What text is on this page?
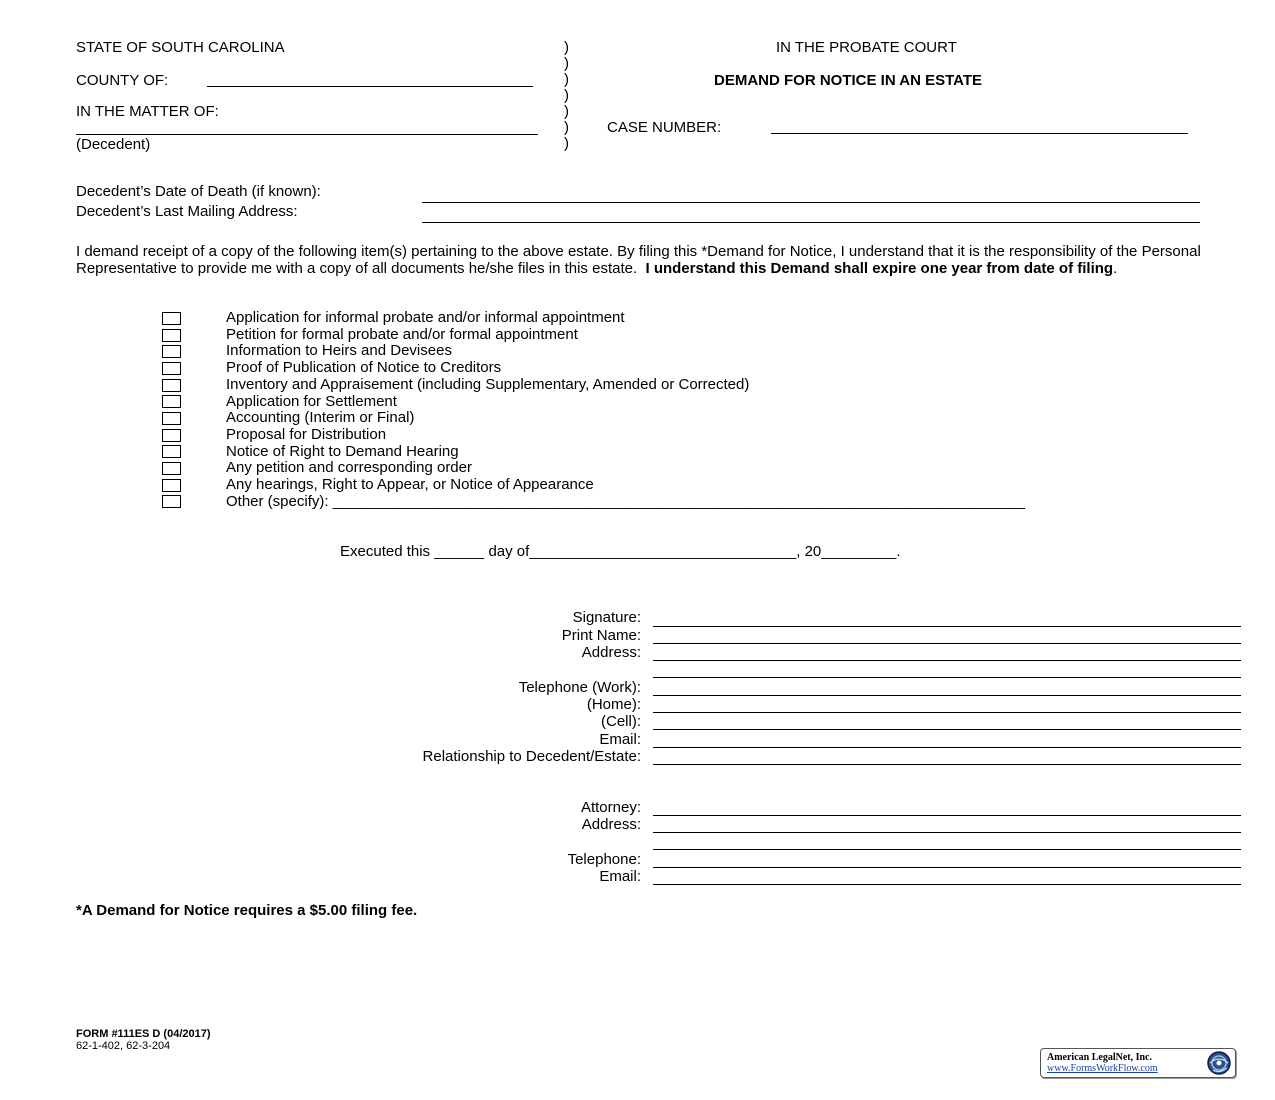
STATE OF SOUTH CAROLINA
COUNTY OF:
IN THE MATTER OF:
(Decedent)
)
)
)
)
)
)
)
IN THE PROBATE COURT
DEMAND FOR NOTICE IN AN ESTATE
CASE NUMBER:
Decedent’s Date of Death (if known):
Decedent’s Last Mailing Address:
I demand receipt of a copy of the following item(s) pertaining to the above estate. By filing this *Demand for Notice, I understand that it is the responsibility of the Personal Representative to provide me with a copy of all documents he/she files in this estate. I understand this Demand shall expire one year from date of filing.
Application for informal probate and/or informal appointment
Petition for formal probate and/or formal appointment
Information to Heirs and Devisees
Proof of Publication of Notice to Creditors
Inventory and Appraisement (including Supplementary, Amended or Corrected)
Application for Settlement
Accounting (Interim or Final)
Proposal for Distribution
Notice of Right to Demand Hearing
Any petition and corresponding order
Any hearings, Right to Appear, or Notice of Appearance
Other (specify): ___________________________________________________________________________________
Executed this ______ day of________________________________, 20_________.
Signature:
Print Name:
Address:
Telephone (Work):
(Home):
(Cell):
Email:
Relationship to Decedent/Estate:
Attorney:
Address:
Telephone:
Email:
*A Demand for Notice requires a $5.00 filing fee.
FORM #111ES D (04/2017)
62-1-402, 62-3-204
American LegalNet, Inc.
www.FormsWorkFlow.com
